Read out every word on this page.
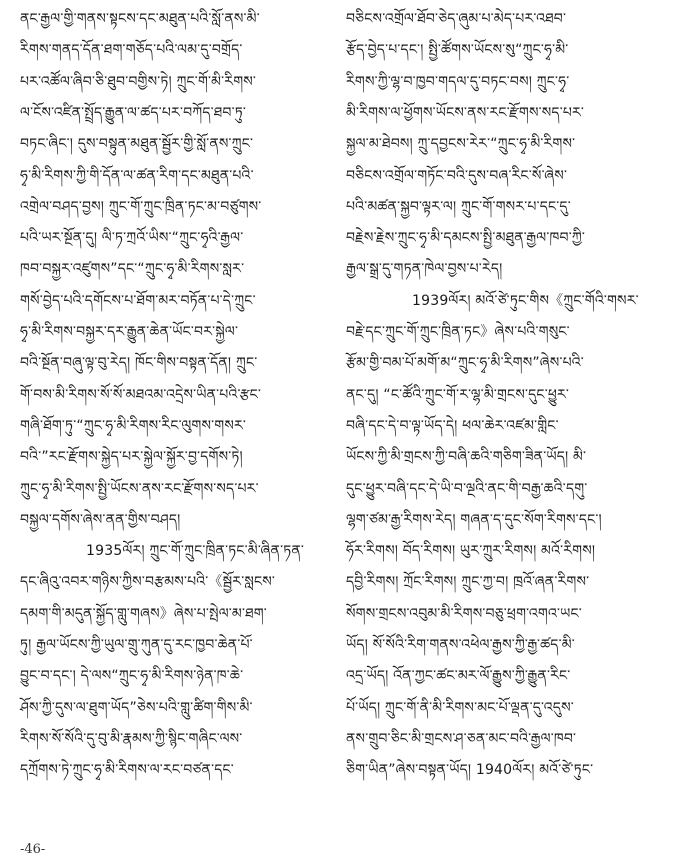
ནང་རྒྱལ་གྱི་གནས་སྟངས་དང་མཐུན་པའི་སློ་ནས་མི་
རིགས་གནད་དོན་ཐག་གཅོད་པའི་ལམ་དུ་བགྲོད་
པར་འཚོལ་ཞིབ་ཅི་ཐུབ་བགྱིས་ཏེ། ཀྲུང་གོ་མི་རིགས་
ལ་ངོས་འཛིན་སྤྲོད་རྒྱུན་ལ་ཚད་པར་བཀོད་ཐབ་ཏུ་
བཏང་ཞིང་། དུས་བསྟུན་མཐུན་སྦྱོར་གྱི་སློ་ནས་ཀྲུང་
ཧྭ་མི་རིགས་ཀྱི་གི་དོན་ལ་ཚན་རིག་དང་མཐུན་པའི་
འགྲེལ་བཤད་བྱས། ཀྲུང་གོ་ཀྲུང་ཁྲིན་ཏང་མ་བཙུགས་
པའི་ཡར་སྔོན་དུ། ལི་ཏ་ཀྲའོ་ཡིས་“ཀྲུང་ཧྭའི་རྒྱལ་
ཁབ་བསྐྱར་འཛུགས”དང་“ཀྲུང་ཧྭ་མི་རིགས་སླར་
གསོ་བྱེད་པའི་དགོངས་པ་ཐོག་མར་བཏོན་པ་དེ་ཀྲུང་
ཧྭ་མི་རིགས་བསྐྱར་དར་རྒྱུན་ཆེན་ཡོང་བར་སྐྱེལ་
བའི་སྔོན་བཞུ་ལྟ་བུ་རེད། ཁོང་གིས་བསྟན་དོན། ཀྲུང་
གོ་བས་མི་རིགས་སོ་སོ་མཐའམ་འདྲེས་ཡིན་པའི་རྩང་
གཞི་ཐོག་ཏུ་“ཀྲུང་ཧྭ་མི་རིགས་རིང་ལུགས་གསར་
བའི་”རང་རྫོགས་སྐྱེད་པར་སྐྱེལ་སྐྱོར་བྱ་དགོས་ཏེ།
ཀྲུང་ཧྭ་མི་རིགས་སྤྱི་ཡོངས་ནས་རང་རྫོགས་སད་པར་
བསྐྱལ་དགོས་ཞེས་ནན་གྱིས་བཤད།
1935ལོར། ཀྲུང་གོ་ཀྲུང་ཁྲིན་ཏང་མི་ཞིན་ཏན་
དང་ཞིའུ་འབར་གཉིས་ཀྱིས་བརྩམས་པའི་《སྦྱོར་སླངས་
དམག་གི་མདུན་སྐྱོད་གླུ་གཞས》ཞེས་པ་སྤེལ་མ་ཐག་
ཏུ། རྒྱལ་ཡོངས་ཀྱི་ཡུལ་གྲུ་ཀུན་དུ་རང་ཁྱབ་ཆེན་པོ་
བྱུང་བ་དང་། དེ་ལས“ཀྲུང་ཧྭ་མི་རིགས་ཉེན་ཁ་ཆེ་
ཤོས་ཀྱི་དུས་ལ་ཐུག་ཡོད”ཅེས་པའི་གླུ་ཚིག་གིས་མི་
རིགས་སོ་སོའི་དུ་བུ་མི་རྣམས་ཀྱི་སྙིང་གཞིང་ལས་
དཀྲོགས་ཏེ་ཀྲུང་ཧྭ་མི་རིགས་ལ་རང་བཙན་དང་
བཅིངས་འགྲོལ་ཐོབ་ཅེད་ཞུམ་པ་མེད་པར་འཐབ་
རྩོད་བྱེད་པ་དང་། སྤྱི་ཚོགས་ཡོངས་སུ“ཀྲུང་ཧྭ་མི་
རིགས་ཀྱི་ལྷ་བ་ཁྱབ་གདལ་དུ་བཏང་བས། ཀྲུང་ཧྭ་
མི་རིགས་ལ་ཕྱོགས་ཡོངས་ནས་རང་རྫོགས་སད་པར་
སྐྱལ་མ་ཐེབས། ཀྲུ་དབྱངས་རེར་“ཀྲུང་ཧྭ་མི་རིགས་
བཅིངས་འགྲོལ་གཏོང་བའི་དུས་བཞ་རིང་སོ་ཞེས་
པའི་མཚན་སྐྱབ་ལྟར་ལ། ཀྲུང་གོ་གསར་པ་དང་དུ་
བརྗེས་རྗེས་ཀྲུང་ཧྭ་མི་དམངས་སྤྱི་མཐུན་རྒྱལ་ཁབ་ཀྱི་
རྒྱལ་སྒྲ་དུ་གཏན་ཁེལ་བྱས་པ་རེད།
1939ལོར། མའོ་ཙེ་ཏུང་གིས《ཀྲུང་གོའི་གསར་
བརྗེ་དང་ཀྲུང་གོ་ཀྲུང་ཁྲིན་ཏང》ཞེས་པའི་གསུང་
རྩོམ་གྱི་བམ་པོ་མགོ་མ“ཀྲུང་ཧྭ་མི་རིགས”ཞེས་པའི་
ནང་དུ། “ང་ཚོའི་ཀྲུང་གོ་ར་ལྷ་མི་གྲངས་དུང་ཕྱུར་
བཞི་དང་དེ་བ་ལྟ་ཡོད་དེ། ཕལ་ཆེར་འཛམ་གླིང་
ཡོངས་ཀྱི་མི་གྲངས་ཀྱི་བཞི་ཆའི་གཅིག་ཟིན་ཡོད། མི་
དུང་ཕྱུར་བཞི་དང་དེ་ཡི་བ་ལྔའི་ནང་གི་བརྒྱ་ཆའི་དགུ་
ལྷག་ཙམ་རྒྱ་རིགས་རེད། གཞན་ད་དུང་སོག་རིགས་དང་།
ཧོར་རིགས། བོད་རིགས། ཡུར་ཀྲུར་རིགས། མའོ་རིགས།
དབྱི་རིགས། ཀྲོང་རིགས། ཀྲུང་ཀྱ་བ། ཁྲའོ་ཞན་རིགས་
སོགས་གྲངས་འབུམ་མི་རིགས་བཅུ་ཕྲག་འགའ་ཡང་
ཡོད། སོ་སོའི་རིག་གནས་འཕེལ་རྒྱས་ཀྱི་རྒྱ་ཚད་མི་
འདྲ་ཡོད། འོན་ཀྱང་ཚང་མར་ལོ་རྒྱུས་ཀྱི་རྒྱུན་རིང་
པོ་ཡོད། ཀྲུང་གོ་ནི་མི་རིགས་མང་པོ་ལྡན་དུ་འདུས་
ནས་གྲུབ་ཅིང་མི་གྲངས་ཤ་ཅན་མང་བའི་རྒྱལ་ཁབ་
ཅིག་ཡིན”ཞེས་བསྟན་ཡོད། 1940ལོར། མའོ་ཙེ་ཏུང་
-46-
